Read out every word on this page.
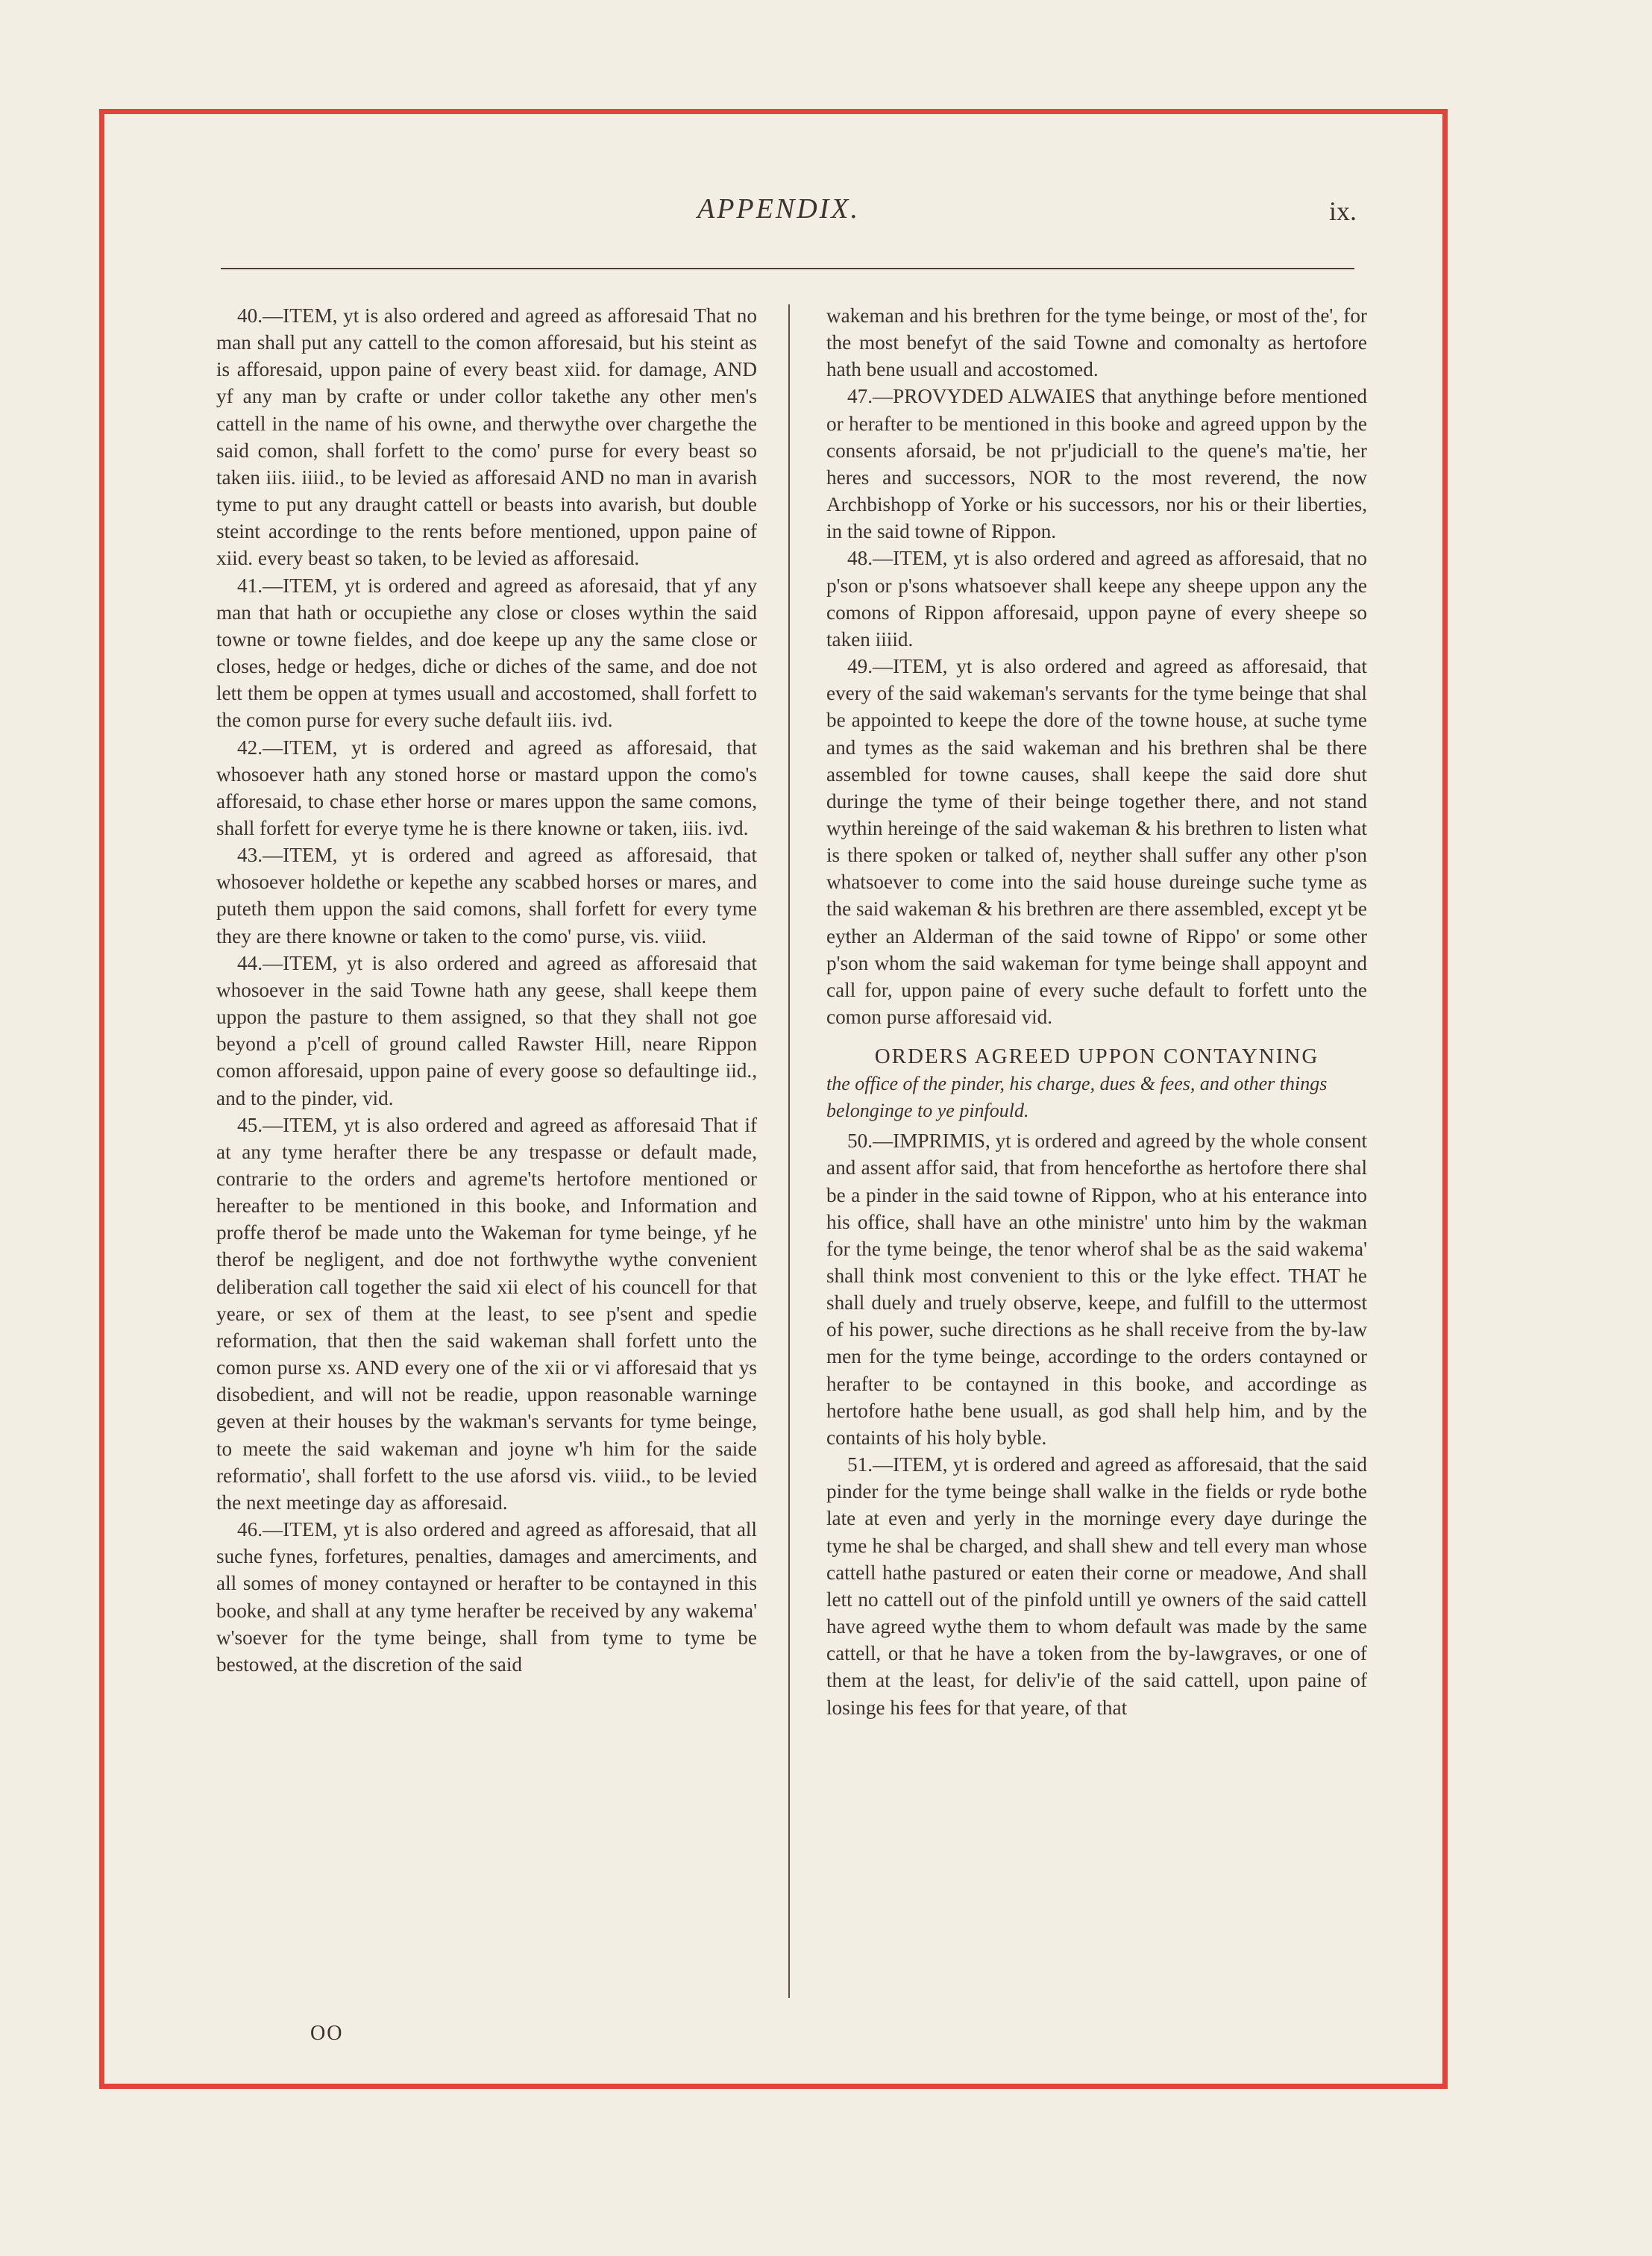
APPENDIX.	ix.

40.—ITEM, yt is also ordered and agreed as afforesaid That no man shall put any cattell to the comon afforesaid, but his steint as is afforesaid, uppon paine of every beast xiid. for damage, AND yf any man by crafte or under collor takethe any other men's cattell in the name of his owne, and therwythe over chargethe the said comon, shall forfett to the como' purse for every beast so taken iiis. iiiid., to be levied as afforesaid AND no man in avarish tyme to put any draught cattell or beasts into avarish, but double steint accordinge to the rents before mentioned, uppon paine of xiid. every beast so taken, to be levied as afforesaid.

41.—ITEM, yt is ordered and agreed as aforesaid, that yf any man that hath or occupiethe any close or closes wythin the said towne or towne fieldes, and doe keepe up any the same close or closes, hedge or hedges, diche or diches of the same, and doe not lett them be oppen at tymes usuall and accostomed, shall forfett to the comon purse for every suche default iiis. ivd.

42.—ITEM, yt is ordered and agreed as afforesaid, that whosoever hath any stoned horse or mastard uppon the como's afforesaid, to chase ether horse or mares uppon the same comons, shall forfett for everye tyme he is there knowne or taken, iiis. ivd.

43.—ITEM, yt is ordered and agreed as afforesaid, that whosoever holdethe or kepethe any scabbed horses or mares, and puteth them uppon the said comons, shall forfett for every tyme they are there knowne or taken to the como' purse, vis. viiid.

44.—ITEM, yt is also ordered and agreed as afforesaid that whosoever in the said Towne hath any geese, shall keepe them uppon the pasture to them assigned, so that they shall not goe beyond a p'cell of ground called Rawster Hill, neare Rippon comon afforesaid, uppon paine of every goose so defaultinge iid., and to the pinder, vid.

45.—ITEM, yt is also ordered and agreed as afforesaid That if at any tyme herafter there be any trespasse or default made, contrarie to the orders and agreme'ts hertofore mentioned or hereafter to be mentioned in this booke, and Information and proffe therof be made unto the Wakeman for tyme beinge, yf he therof be negligent, and doe not forthwythe wythe convenient deliberation call together the said xii elect of his councell for that yeare, or sex of them at the least, to see p'sent and spedie reformation, that then the said wakeman shall forfett unto the comon purse xs. AND every one of the xii or vi afforesaid that ys disobedient, and will not be readie, uppon reasonable warninge geven at their houses by the wakman's servants for tyme beinge, to meete the said wakeman and joyne w'h him for the saide reformatio', shall forfett to the use aforsd vis. viiid., to be levied the next meetinge day as afforesaid.

46.—ITEM, yt is also ordered and agreed as afforesaid, that all suche fynes, forfetures, penalties, damages and amerciments, and all somes of money contayned or herafter to be contayned in this booke, and shall at any tyme herafter be received by any wakema' w'soever for the tyme beinge, shall from tyme to tyme be bestowed, at the discretion of the said

wakeman and his brethren for the tyme beinge, or most of the', for the most benefyt of the said Towne and comonalty as hertofore hath bene usuall and accostomed.

47.—PROVYDED ALWAIES that anythinge before mentioned or herafter to be mentioned in this booke and agreed uppon by the consents aforsaid, be not pr'judiciall to the quene's ma'tie, her heres and successors, NOR to the most reverend, the now Archbishopp of Yorke or his successors, nor his or their liberties, in the said towne of Rippon.

48.—ITEM, yt is also ordered and agreed as afforesaid, that no p'son or p'sons whatsoever shall keepe any sheepe uppon any the comons of Rippon afforesaid, uppon payne of every sheepe so taken iiiid.

49.—ITEM, yt is also ordered and agreed as afforesaid, that every of the said wakeman's servants for the tyme beinge that shal be appointed to keepe the dore of the towne house, at suche tyme and tymes as the said wakeman and his brethren shal be there assembled for towne causes, shall keepe the said dore shut duringe the tyme of their beinge together there, and not stand wythin hereinge of the said wakeman & his brethren to listen what is there spoken or talked of, neyther shall suffer any other p'son whatsoever to come into the said house dureinge suche tyme as the said wakeman & his brethren are there assembled, except yt be eyther an Alderman of the said towne of Rippo' or some other p'son whom the said wakeman for tyme beinge shall appoynt and call for, uppon paine of every suche default to forfett unto the comon purse afforesaid vid.

ORDERS AGREED UPPON CONTAYNING

the office of the pinder, his charge, dues & fees, and other things belonginge to ye pinfould.

50.—IMPRIMIS, yt is ordered and agreed by the whole consent and assent affor said, that from henceforthe as hertofore there shal be a pinder in the said towne of Rippon, who at his enterance into his office, shall have an othe ministre' unto him by the wakman for the tyme beinge, the tenor wherof shal be as the said wakema' shall think most convenient to this or the lyke effect. THAT he shall duely and truely observe, keepe, and fulfill to the uttermost of his power, suche directions as he shall receive from the by-law men for the tyme beinge, accordinge to the orders contayned or herafter to be contayned in this booke, and accordinge as hertofore hathe bene usuall, as god shall help him, and by the containts of his holy byble.

51.—ITEM, yt is ordered and agreed as afforesaid, that the said pinder for the tyme beinge shall walke in the fields or ryde bothe late at even and yerly in the morninge every daye duringe the tyme he shal be charged, and shall shew and tell every man whose cattell hathe pastured or eaten their corne or meadowe, And shall lett no cattell out of the pinfold untill ye owners of the said cattell have agreed wythe them to whom default was made by the same cattell, or that he have a token from the by-lawgraves, or one of them at the least, for deliv'ie of the said cattell, upon paine of losinge his fees for that yeare, of that

OO
